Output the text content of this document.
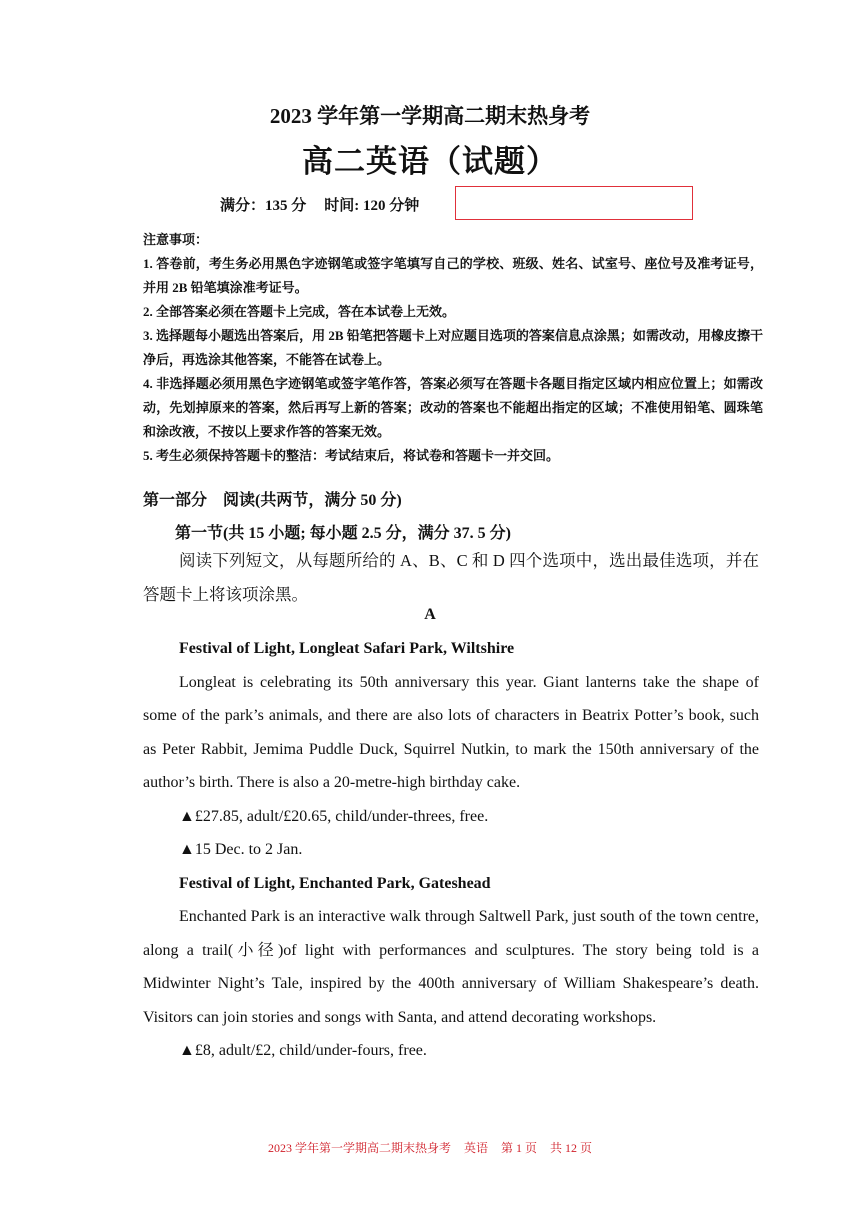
2023 学年第一学期高二期末热身考
高二英语（试题）
满分：135 分 时间: 120 分钟

注意事项：

1. 答卷前，考生务必用黑色字迹钢笔或签字笔填写自己的学校、班级、姓名、试室号、座位号及准考证号，并用 2B 铅笔填涂准考证号。

2. 全部答案必须在答题卡上完成，答在本试卷上无效。

3. 选择题每小题选出答案后，用 2B 铅笔把答题卡上对应题目选项的答案信息点涂黑；如需改动，用橡皮擦干净后，再选涂其他答案，不能答在试卷上。

4. 非选择题必须用黑色字迹钢笔或签字笔作答，答案必须写在答题卡各题目指定区域内相应位置上；如需改动，先划掉原来的答案，然后再写上新的答案；改动的答案也不能超出指定的区域；不准使用铅笔、圆珠笔和涂改液，不按以上要求作答的答案无效。

5. 考生必须保持答题卡的整洁：考试结束后，将试卷和答题卡一并交回。

第一部分　阅读(共两节，满分 50 分)
第一节(共 15 小题; 每小题 2.5 分，满分 37. 5 分)
阅读下列短文，从每题所给的 A、B、C 和 D 四个选项中，选出最佳选项，并在答题卡上将该项涂黑。
A
Festival of Light, Longleat Safari Park, Wiltshire
Longleat is celebrating its 50th anniversary this year. Giant lanterns take the shape of some of the park’s animals, and there are also lots of characters in Beatrix Potter’s book, such as Peter Rabbit, Jemima Puddle Duck, Squirrel Nutkin, to mark the 150th anniversary of the author’s birth. There is also a 20-metre-high birthday cake.
▲£27.85, adult/£20.65, child/under-threes, free.
▲15 Dec. to 2 Jan.
Festival of Light, Enchanted Park, Gateshead
Enchanted Park is an interactive walk through Saltwell Park, just south of the town centre, along a trail(小径)of light with performances and sculptures. The story being told is a Midwinter Night’s Tale, inspired by the 400th anniversary of William Shakespeare’s death. Visitors can join stories and songs with Santa, and attend decorating workshops.
▲£8, adult/£2, child/under-fours, free.
2023 学年第一学期高二期末热身考 英语 第 1 页 共 12 页
